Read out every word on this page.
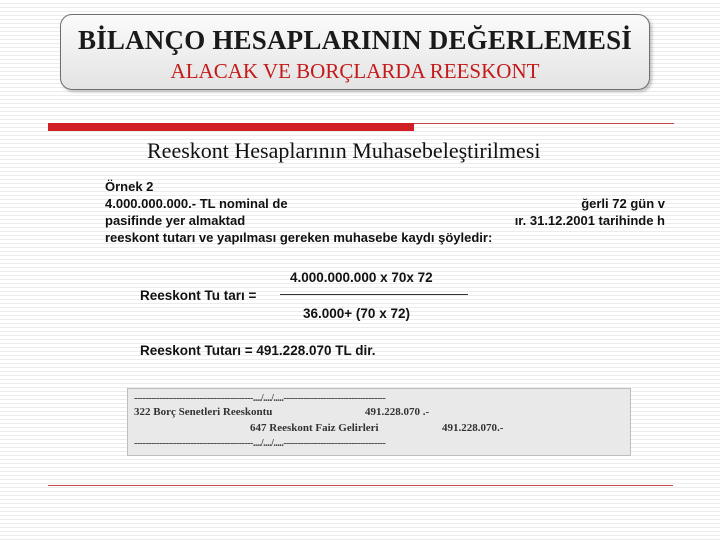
BİLANÇO HESAPLARININ DEĞERLEMESİ
ALACAK VE BORÇLARDA REESKONT
Reeskont Hesaplarının Muhasebeleştirilmesi
Örnek 2
4.000.000.000.- TL nominal de	ğerli 72 gün v
pasifinde yer almaktad	ır. 31.12.2001 tarihinde h
reeskont tutarı ve yapılması gereken muhasebe kaydı şöyledir:
4.000.000.000 x 70x 72
Reeskont Tu tarı =
36.000+ (70 x 72)
Reeskont Tutarı = 491.228.070 TL dir.
------------------------------------------..../..../.....------------------------------------
322 Borç Senetleri Reeskontu	491.228.070 .-
647 Reeskont Faiz Gelirleri	491.228.070.-
------------------------------------------..../..../.....------------------------------------
